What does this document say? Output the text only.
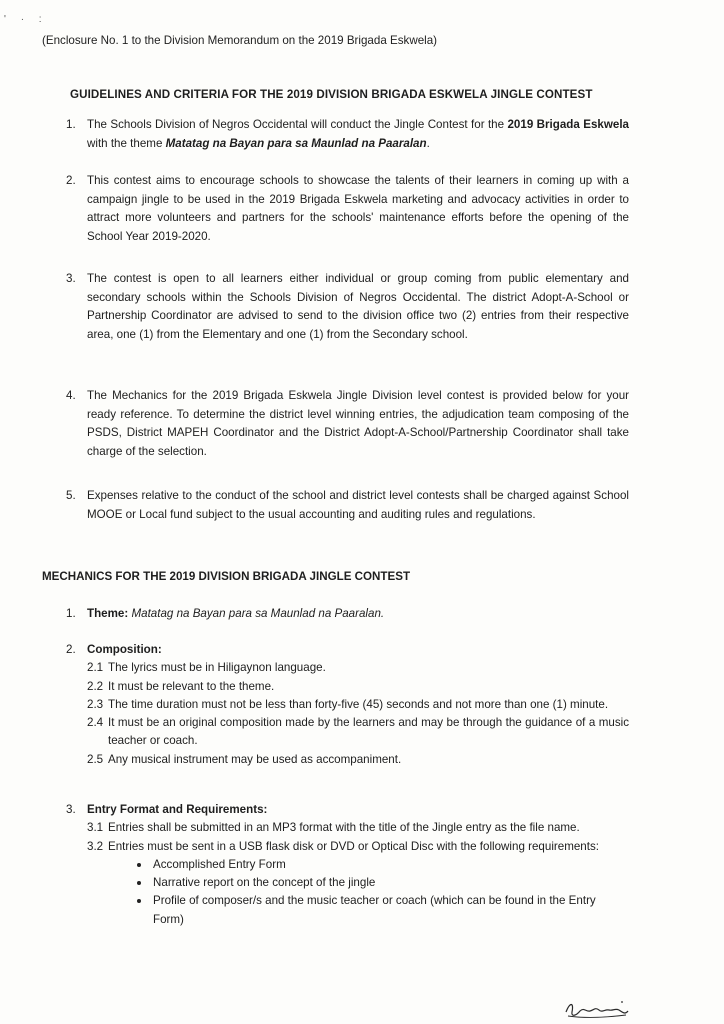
' · :
(Enclosure No. 1 to the Division Memorandum on the 2019 Brigada Eskwela)
GUIDELINES AND CRITERIA FOR THE 2019 DIVISION BRIGADA ESKWELA JINGLE CONTEST
1. The Schools Division of Negros Occidental will conduct the Jingle Contest for the 2019 Brigada Eskwela with the theme Matatag na Bayan para sa Maunlad na Paaralan.
2. This contest aims to encourage schools to showcase the talents of their learners in coming up with a campaign jingle to be used in the 2019 Brigada Eskwela marketing and advocacy activities in order to attract more volunteers and partners for the schools' maintenance efforts before the opening of the School Year 2019-2020.
3. The contest is open to all learners either individual or group coming from public elementary and secondary schools within the Schools Division of Negros Occidental. The district Adopt-A-School or Partnership Coordinator are advised to send to the division office two (2) entries from their respective area, one (1) from the Elementary and one (1) from the Secondary school.
4. The Mechanics for the 2019 Brigada Eskwela Jingle Division level contest is provided below for your ready reference. To determine the district level winning entries, the adjudication team composing of the PSDS, District MAPEH Coordinator and the District Adopt-A-School/Partnership Coordinator shall take charge of the selection.
5. Expenses relative to the conduct of the school and district level contests shall be charged against School MOOE or Local fund subject to the usual accounting and auditing rules and regulations.
MECHANICS FOR THE 2019 DIVISION BRIGADA JINGLE CONTEST
1. Theme: Matatag na Bayan para sa Maunlad na Paaralan.
2. Composition:
2.1 The lyrics must be in Hiligaynon language.
2.2 It must be relevant to the theme.
2.3 The time duration must not be less than forty-five (45) seconds and not more than one (1) minute.
2.4 It must be an original composition made by the learners and may be through the guidance of a music teacher or coach.
2.5 Any musical instrument may be used as accompaniment.
3. Entry Format and Requirements:
3.1 Entries shall be submitted in an MP3 format with the title of the Jingle entry as the file name.
3.2 Entries must be sent in a USB flask disk or DVD or Optical Disc with the following requirements:
Accomplished Entry Form
Narrative report on the concept of the jingle
Profile of composer/s and the music teacher or coach (which can be found in the Entry Form)
